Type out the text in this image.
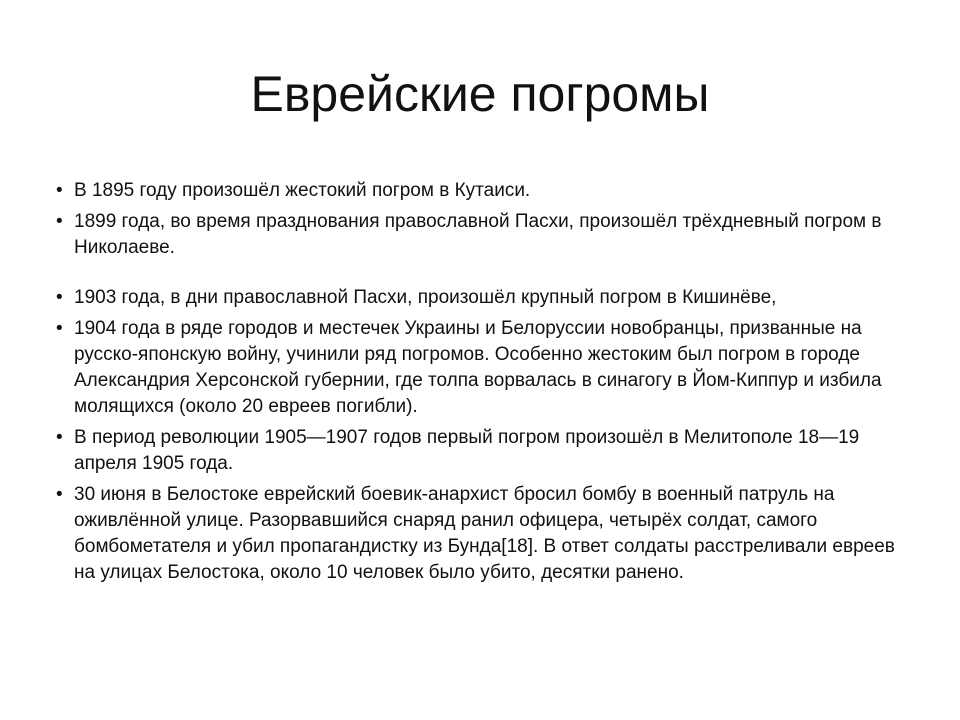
Еврейские погромы
• В 1895 году произошёл жестокий погром в Кутаиси.
• 1899 года, во время празднования православной Пасхи, произошёл трёхдневный погром в Николаеве.
• 1903 года, в дни православной Пасхи, произошёл крупный погром в Кишинёве,
• 1904 года в ряде городов и местечек Украины и Белоруссии новобранцы, призванные на русско-японскую войну, учинили ряд погромов. Особенно жестоким был погром в городе Александрия Херсонской губернии, где толпа ворвалась в синагогу в Йом-Киппур и избила молящихся (около 20 евреев погибли).
• В период революции 1905—1907 годов первый погром произошёл в Мелитополе 18—19 апреля 1905 года.
• 30 июня в Белостоке еврейский боевик-анархист бросил бомбу в военный патруль на оживлённой улице. Разорвавшийся снаряд ранил офицера, четырёх солдат, самого бомбометателя и убил пропагандистку из Бунда[18]. В ответ солдаты расстреливали евреев на улицах Белостока, около 10 человек было убито, десятки ранено.
